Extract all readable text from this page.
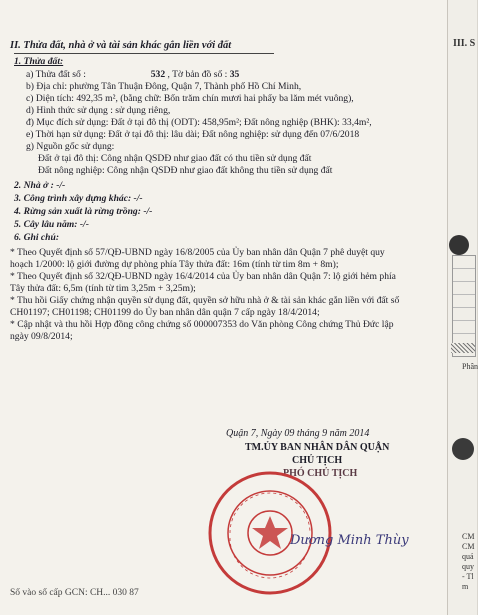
II. Thửa đất, nhà ở và tài sản khác gắn liền với đất
1. Thửa đất:
a) Thửa đất số :	532 , Tờ bản đồ số : 35
b) Địa chỉ: phường Tân Thuận Đông, Quận 7, Thành phố Hồ Chí Minh,
c) Diện tích: 492,35 m², (bằng chữ: Bốn trăm chín mươi hai phẩy ba lăm mét vuông),
d) Hình thức sử dụng : sử dụng riêng,
đ) Mục đích sử dụng: Đất ở tại đô thị (ODT): 458,95m²; Đất nông nghiệp (BHK): 33,4m²,
e) Thời hạn sử dụng: Đất ở tại đô thị: lâu dài; Đất nông nghiệp: sử dụng đến 07/6/2018
g) Nguồn gốc sử dụng:
Đất ở tại đô thị: Công nhận QSDĐ như giao đất có thu tiền sử dụng đất
Đất nông nghiệp: Công nhận QSDĐ như giao đất không thu tiền sử dụng đất
2. Nhà ở : -/-
3. Công trình xây dựng khác: -/-
4. Rừng sản xuất là rừng trồng: -/-
5. Cây lâu năm: -/-
6. Ghi chú:
* Theo Quyết định số 57/QĐ-UBND ngày 16/8/2005 của Ủy ban nhân dân Quận 7 phê duyệt quy
hoạch 1/2000: lộ giới đường dự phòng phía Tây thửa đất: 16m (tính từ tim 8m + 8m);
* Theo Quyết định số 32/QĐ-UBND ngày 16/4/2014 của Ủy ban nhân dân Quận 7: lộ giới hẻm phía
Tây thửa đất: 6,5m (tính từ tim 3,25m + 3,25m);
* Thu hồi Giấy chứng nhận quyền sử dụng đất, quyền sở hữu nhà ở & tài sản khác gắn liền với đất số
CH01197; CH01198; CH01199 do Ủy ban nhân dân quận 7 cấp ngày 18/4/2014;
* Cập nhật và thu hồi Hợp đồng công chứng số 000007353 do Văn phòng Công chứng Thủ Đức lập
ngày 09/8/2014;
Quận 7, Ngày 09 tháng 9 năm 2014
TM.ỦY BAN NHÂN DÂN QUẬN
CHỦ TỊCH
PHÓ CHỦ TỊCH
Dương Minh Thùy
Số vào sổ cấp GCN: CH... 030 87
III. S
Phân
CM
CM
quả
quy
- Tl
m
